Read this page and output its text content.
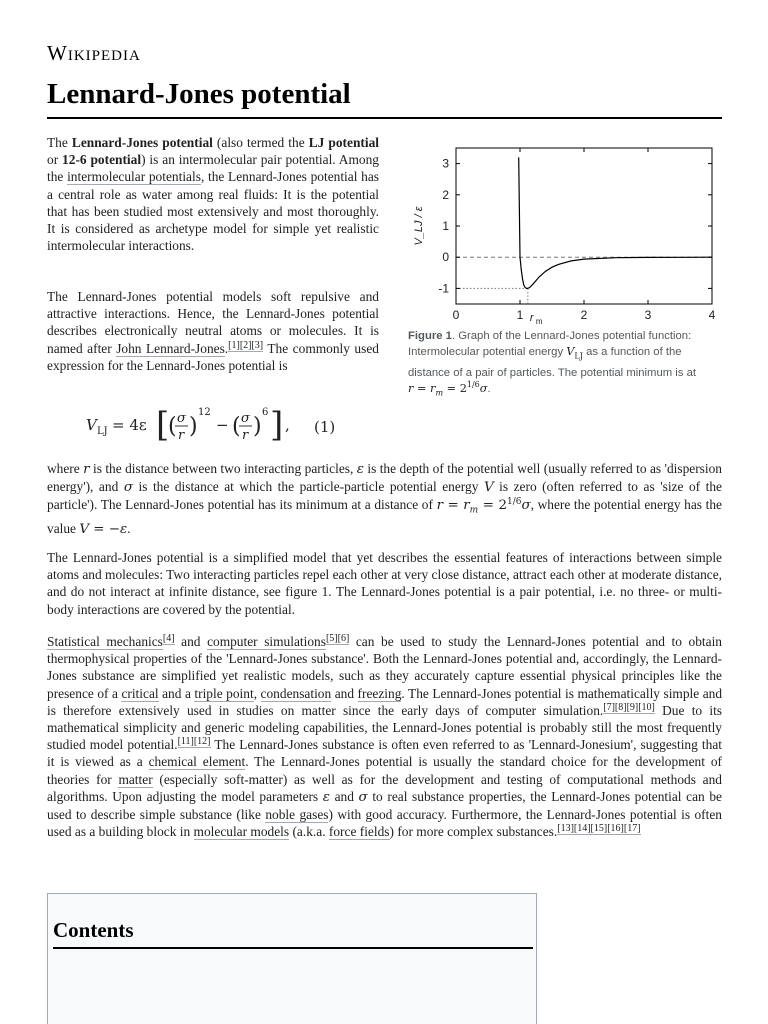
Wikipedia
Lennard-Jones potential

The Lennard-Jones potential (also termed the LJ potential or 12-6 potential) is an intermolecular pair potential. Among the intermolecular potentials, the Lennard-Jones potential has a central role as water among real fluids: It is the potential that has been studied most extensively and most thoroughly. It is considered as archetype model for simple yet realistic intermolecular interactions.

The Lennard-Jones potential models soft repulsive and attractive interactions. Hence, the Lennard-Jones potential describes electronically neutral atoms or molecules. It is named after John Lennard-Jones.[1][2][3] The commonly used expression for the Lennard-Jones potential is

0	1	2	3	4
-1
0
1
2
3
r m
V_LJ / ε
Figure 1. Graph of the Lennard-Jones potential function: Intermolecular potential energy $V_{LJ}$ as a function of the distance of a pair of particles. The potential minimum is at $r = r_m = 2^{1/6}\sigma$.
V LJ = 4ε [
( σ
r )
12
− ( σ
r )
6 ] , (1)

where r is the distance between two interacting particles, ε is the depth of the potential well (usually referred to as 'dispersion energy'), and σ is the distance at which the particle-particle potential energy V is zero (often referred to as 'size of the particle'). The Lennard-Jones potential has its minimum at a distance of $r = r_m = 2^{1/6}\sigma$, where the potential energy has the value V = −ε.

The Lennard-Jones potential is a simplified model that yet describes the essential features of interactions between simple atoms and molecules: Two interacting particles repel each other at very close distance, attract each other at moderate distance, and do not interact at infinite distance, see figure 1. The Lennard-Jones potential is a pair potential, i.e. no three- or multi-body interactions are covered by the potential.

Statistical mechanics[4] and computer simulations[5][6] can be used to study the Lennard-Jones potential and to obtain thermophysical properties of the 'Lennard-Jones substance'. Both the Lennard-Jones potential and, accordingly, the Lennard-Jones substance are simplified yet realistic models, such as they accurately capture essential physical principles like the presence of a critical and a triple point, condensation and freezing. The Lennard-Jones potential is mathematically simple and is therefore extensively used in studies on matter since the early days of computer simulation.[7][8][9][10] Due to its mathematical simplicity and generic modeling capabilities, the Lennard-Jones potential is probably still the most frequently studied model potential.[11][12] The Lennard-Jones substance is often even referred to as 'Lennard-Jonesium', suggesting that it is viewed as a chemical element. The Lennard-Jones potential is usually the standard choice for the development of theories for matter (especially soft-matter) as well as for the development and testing of computational methods and algorithms. Upon adjusting the model parameters ε and σ to real substance properties, the Lennard-Jones potential can be used to describe simple substance (like noble gases) with good accuracy. Furthermore, the Lennard-Jones potential is often used as a building block in molecular models (a.k.a. force fields) for more complex substances.[13][14][15][16][17]

Contents
